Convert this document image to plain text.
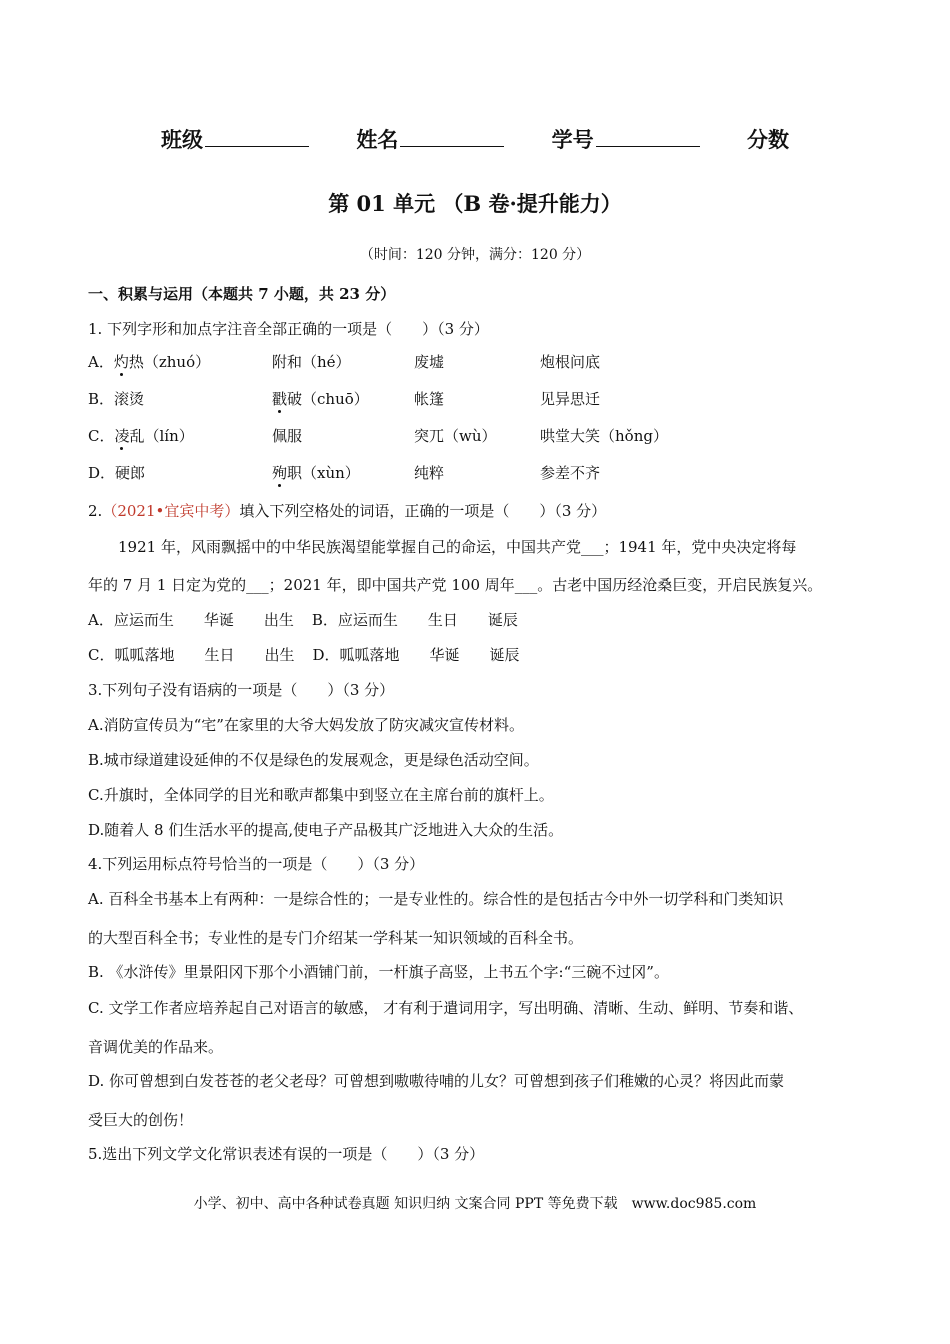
班级	姓名	学号	分数
第 01 单元 （B 卷·提升能力）
（时间：120 分钟，满分：120 分）
一、积累与运用（本题共 7 小题，共 23 分）
1. 下列字形和加点字注音全部正确的一项是（　　）（3 分）
A．灼热（zhuó）	附和（hé）	废墟	炮根问底
B．滚烫	戳破（chuō）	帐篷	见异思迁
C．凌乱（lín）	佩服	突兀（wù）	哄堂大笑（hǒng）
D．硬郎	殉职（xùn）	纯粹	参差不齐
2.（2021•宜宾中考）填入下列空格处的词语，正确的一项是（　　）（3 分）
1921 年，风雨飘摇中的中华民族渴望能掌握自己的命运，中国共产党___；1941 年，党中央决定将每
年的 7 月 1 日定为党的___；2021 年，即中国共产党 100 周年___。古老中国历经沧桑巨变，开启民族复兴。
A．应运而生　　华诞　　出生 B．应运而生　　生日　　诞辰
C．呱呱落地　　生日　　出生 D．呱呱落地　　华诞　　诞辰
3.下列句子没有语病的一项是（　　）（3 分）
A.消防宣传员为“宅”在家里的大爷大妈发放了防灾减灾宣传材料。
B.城市绿道建设延伸的不仅是绿色的发展观念，更是绿色活动空间。
C.升旗时，全体同学的目光和歌声都集中到竖立在主席台前的旗杆上。
D.随着人 8 们生活水平的提高,使电子产品极其广泛地进入大众的生活。
4.下列运用标点符号恰当的一项是（　　）（3 分）
A. 百科全书基本上有两种：一是综合性的；一是专业性的。综合性的是包括古今中外一切学科和门类知识
的大型百科全书；专业性的是专门介绍某一学科某一知识领域的百科全书。
B. 《水浒传》里景阳冈下那个小酒铺门前，一杆旗子高竖，上书五个字:“三碗不过冈”。
C. 文学工作者应培养起自己对语言的敏感， 才有利于遣词用字，写出明确、清晰、生动、鲜明、节奏和谐、
音调优美的作品来。
D. 你可曾想到白发苍苍的老父老母？可曾想到嗷嗷待哺的儿女？可曾想到孩子们稚嫩的心灵？将因此而蒙
受巨大的创伤！
5.选出下列文学文化常识表述有误的一项是（　　）（3 分）
小学、初中、高中各种试卷真题 知识归纳 文案合同 PPT 等免费下载　www.doc985.com
